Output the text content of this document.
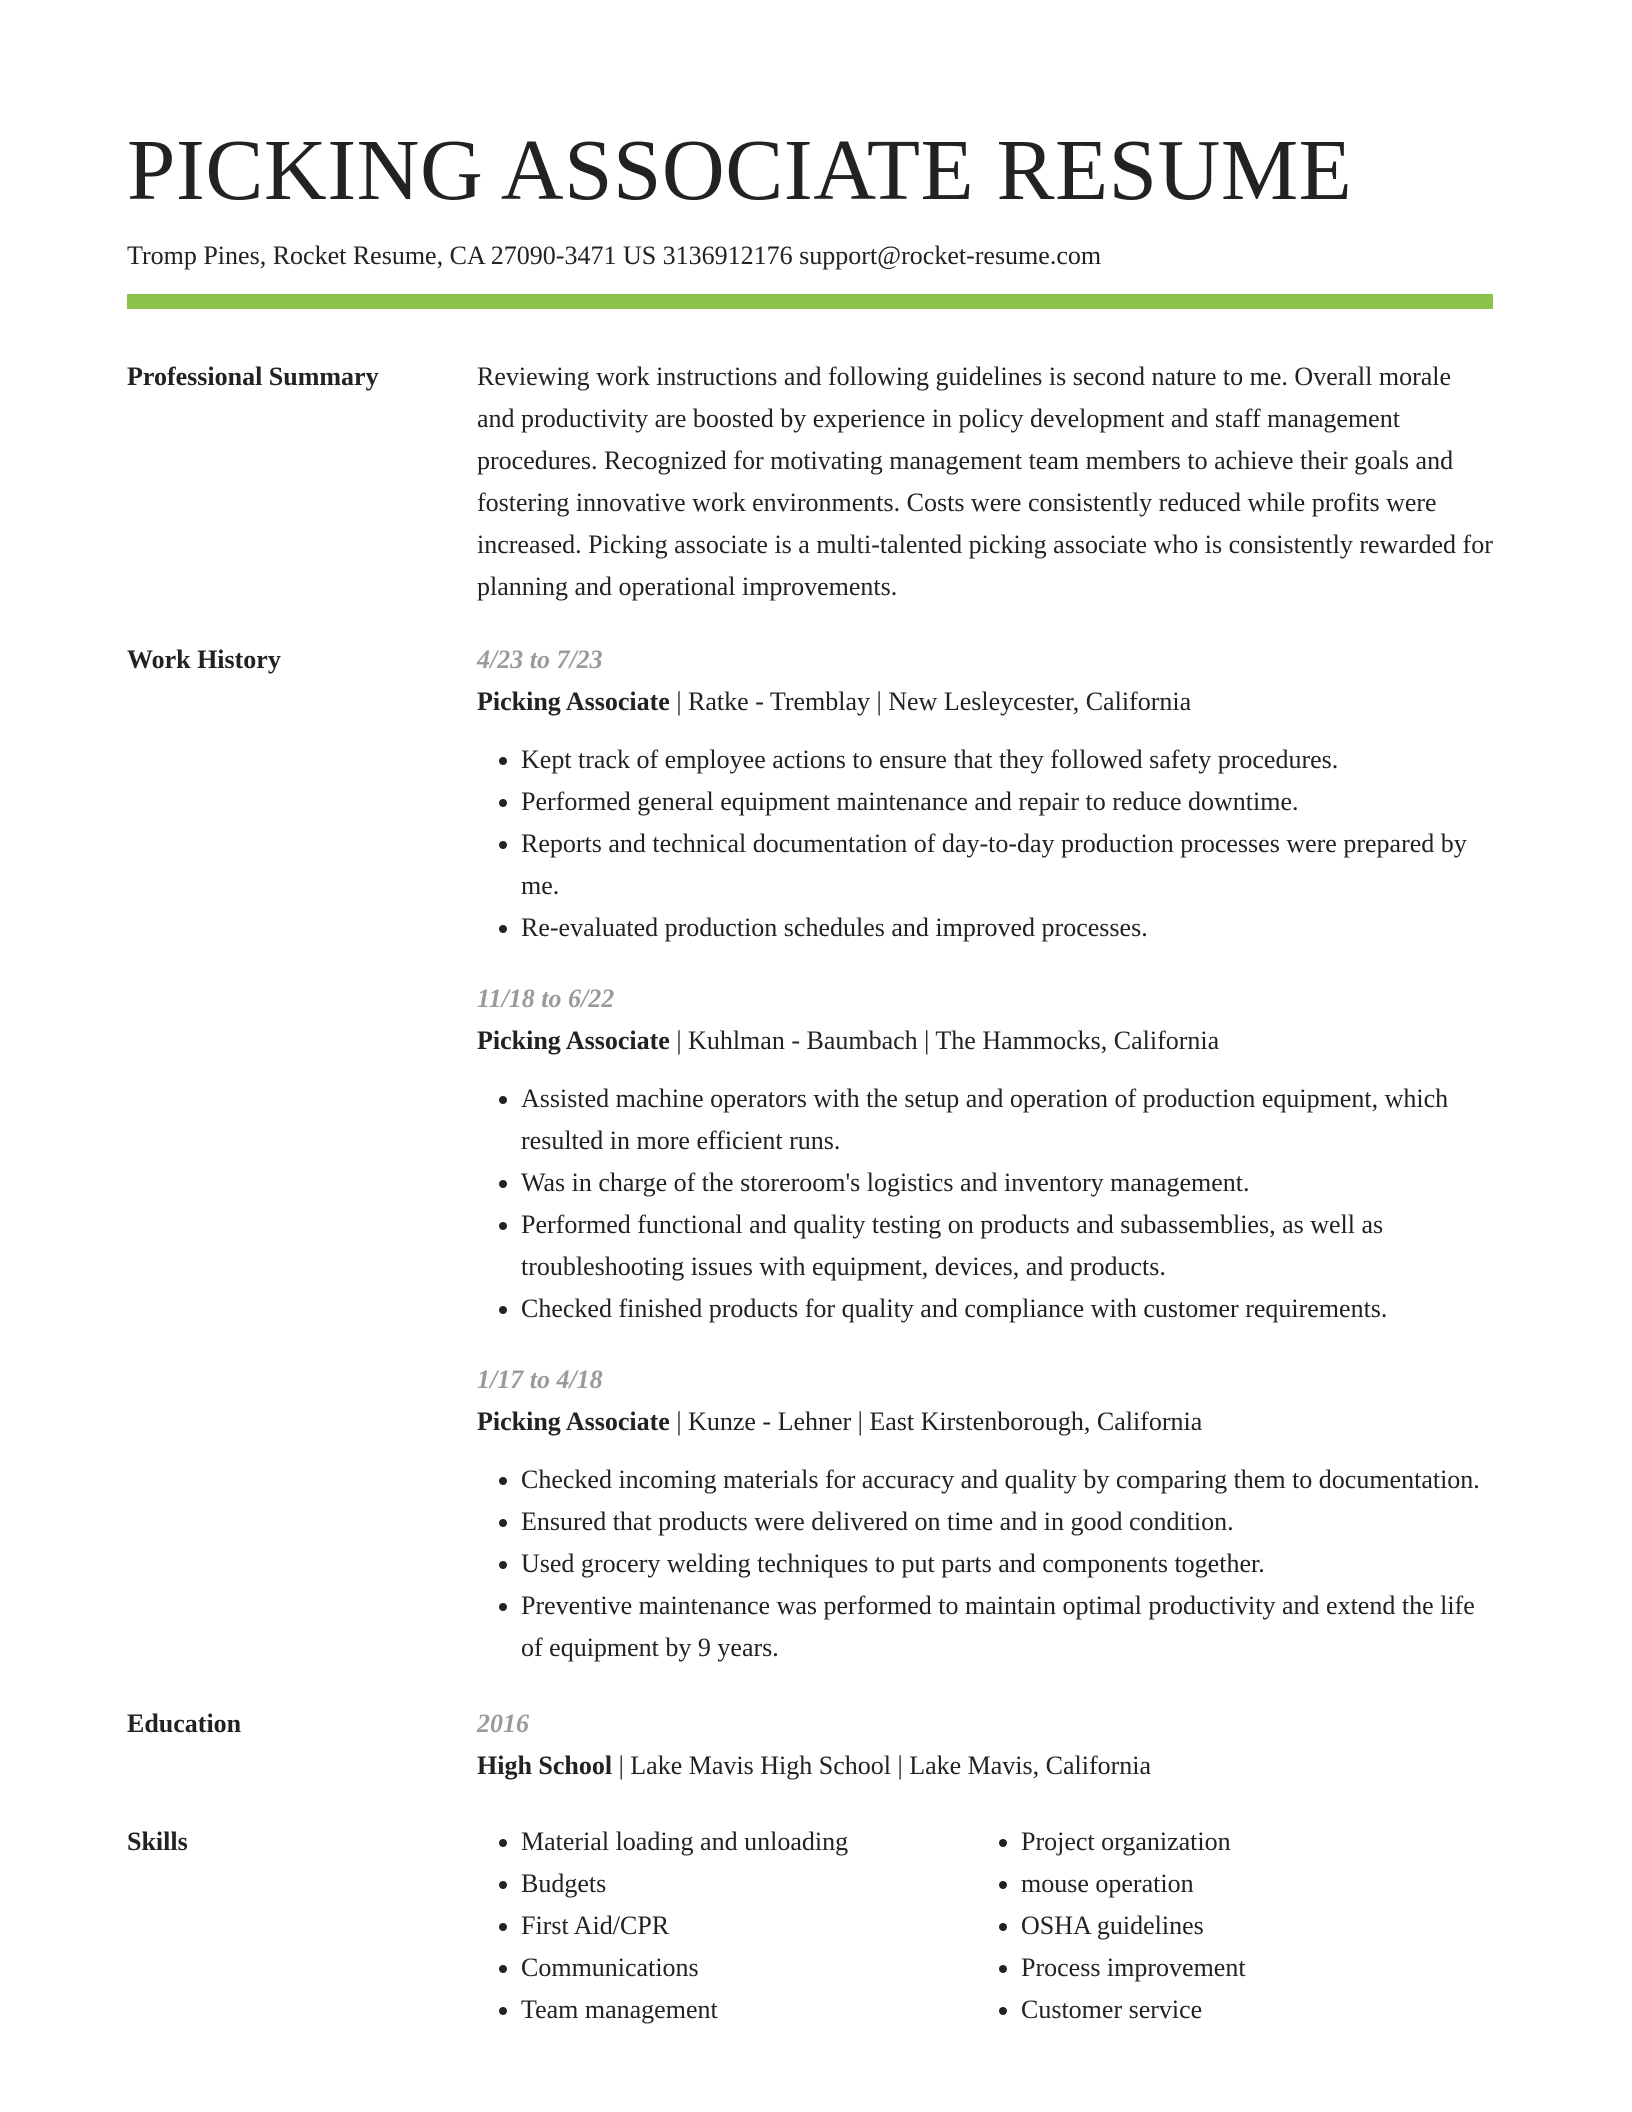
PICKING ASSOCIATE RESUME
Tromp Pines, Rocket Resume, CA 27090-3471 US 3136912176 support@rocket-resume.com
Professional Summary	Reviewing work instructions and following guidelines is second nature to me. Overall morale and productivity are boosted by experience in policy development and staff management procedures. Recognized for motivating management team members to achieve their goals and fostering innovative work environments. Costs were consistently reduced while profits were increased. Picking associate is a multi-talented picking associate who is consistently rewarded for planning and operational improvements.
Work History	4/23 to 7/23
Picking Associate | Ratke - Tremblay | New Lesleycester, California
• Kept track of employee actions to ensure that they followed safety procedures.
• Performed general equipment maintenance and repair to reduce downtime.
• Reports and technical documentation of day-to-day production processes were prepared by me.
• Re-evaluated production schedules and improved processes.
11/18 to 6/22
Picking Associate | Kuhlman - Baumbach | The Hammocks, California
• Assisted machine operators with the setup and operation of production equipment, which resulted in more efficient runs.
• Was in charge of the storeroom's logistics and inventory management.
• Performed functional and quality testing on products and subassemblies, as well as troubleshooting issues with equipment, devices, and products.
• Checked finished products for quality and compliance with customer requirements.
1/17 to 4/18
Picking Associate | Kunze - Lehner | East Kirstenborough, California
• Checked incoming materials for accuracy and quality by comparing them to documentation.
• Ensured that products were delivered on time and in good condition.
• Used grocery welding techniques to put parts and components together.
• Preventive maintenance was performed to maintain optimal productivity and extend the life of equipment by 9 years.
Education	2016
High School | Lake Mavis High School | Lake Mavis, California
Skills
•	Material loading and unloading
• Budgets
• First Aid/CPR
• Communications
• Team management
• Project organization
• mouse operation
• OSHA guidelines
• Process improvement
• Customer service
